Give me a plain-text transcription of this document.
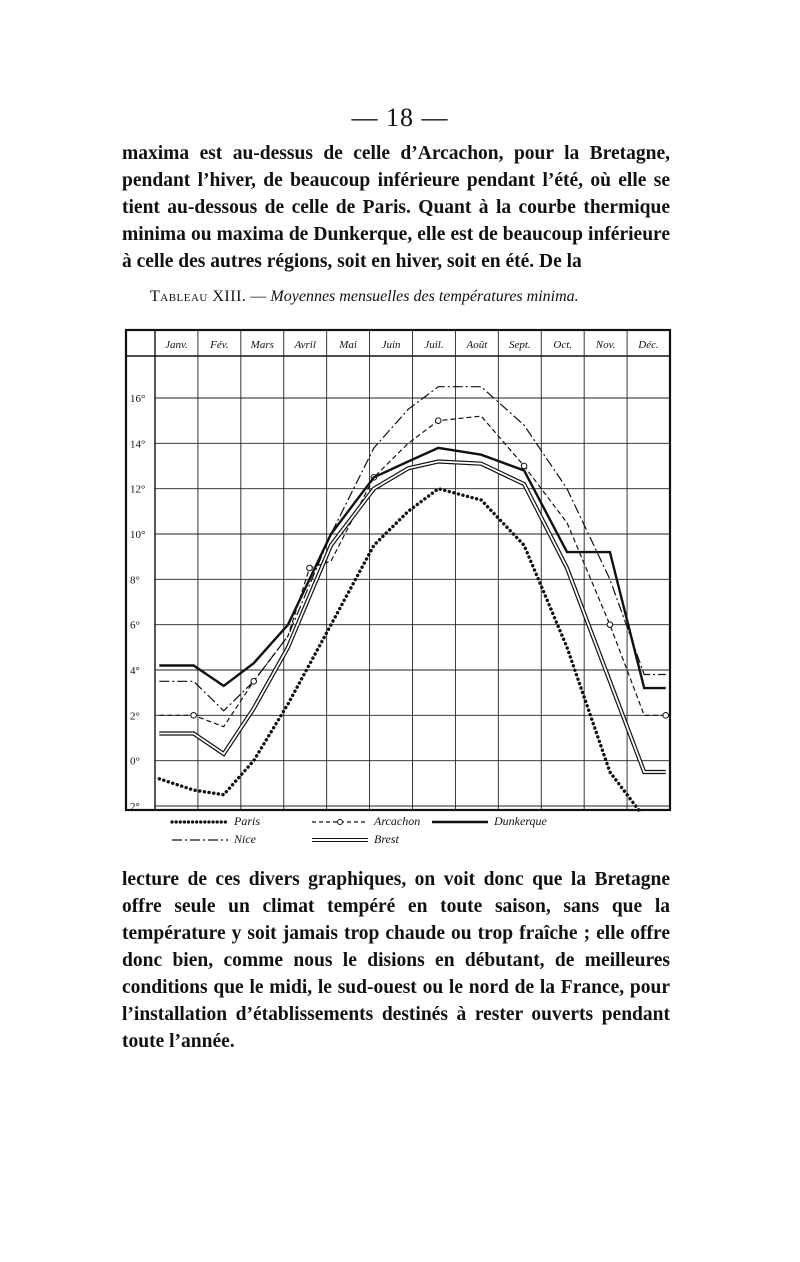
— 18 —

maxima est au-dessus de celle d’Arcachon, pour la Bretagne, pendant l’hiver, de beaucoup inférieure pendant l’été, où elle se tient au-dessous de celle de Paris. Quant à la courbe thermique minima ou maxima de Dunkerque, elle est de beaucoup inférieure à celle des autres régions, soit en hiver, soit en été. De la

Tableau XIII. — Moyennes mensuelles des températures minima.
Janv. Fév. Mars Avril Mai Juin Juil. Août Sept. Oct. Nov. Déc.
16°
14°
12°
10°
8°
6°
4°
2°
0°
2°
Paris
Nice
Arcachon
Brest
Dunkerque

lecture de ces divers graphiques, on voit donc que la Bretagne offre seule un climat tempéré en toute saison, sans que la température y soit jamais trop chaude ou trop fraîche ; elle offre donc bien, comme nous le disions en débutant, de meilleures conditions que le midi, le sud-ouest ou le nord de la France, pour l’installation d’établissements destinés à rester ouverts pendant toute l’année.
